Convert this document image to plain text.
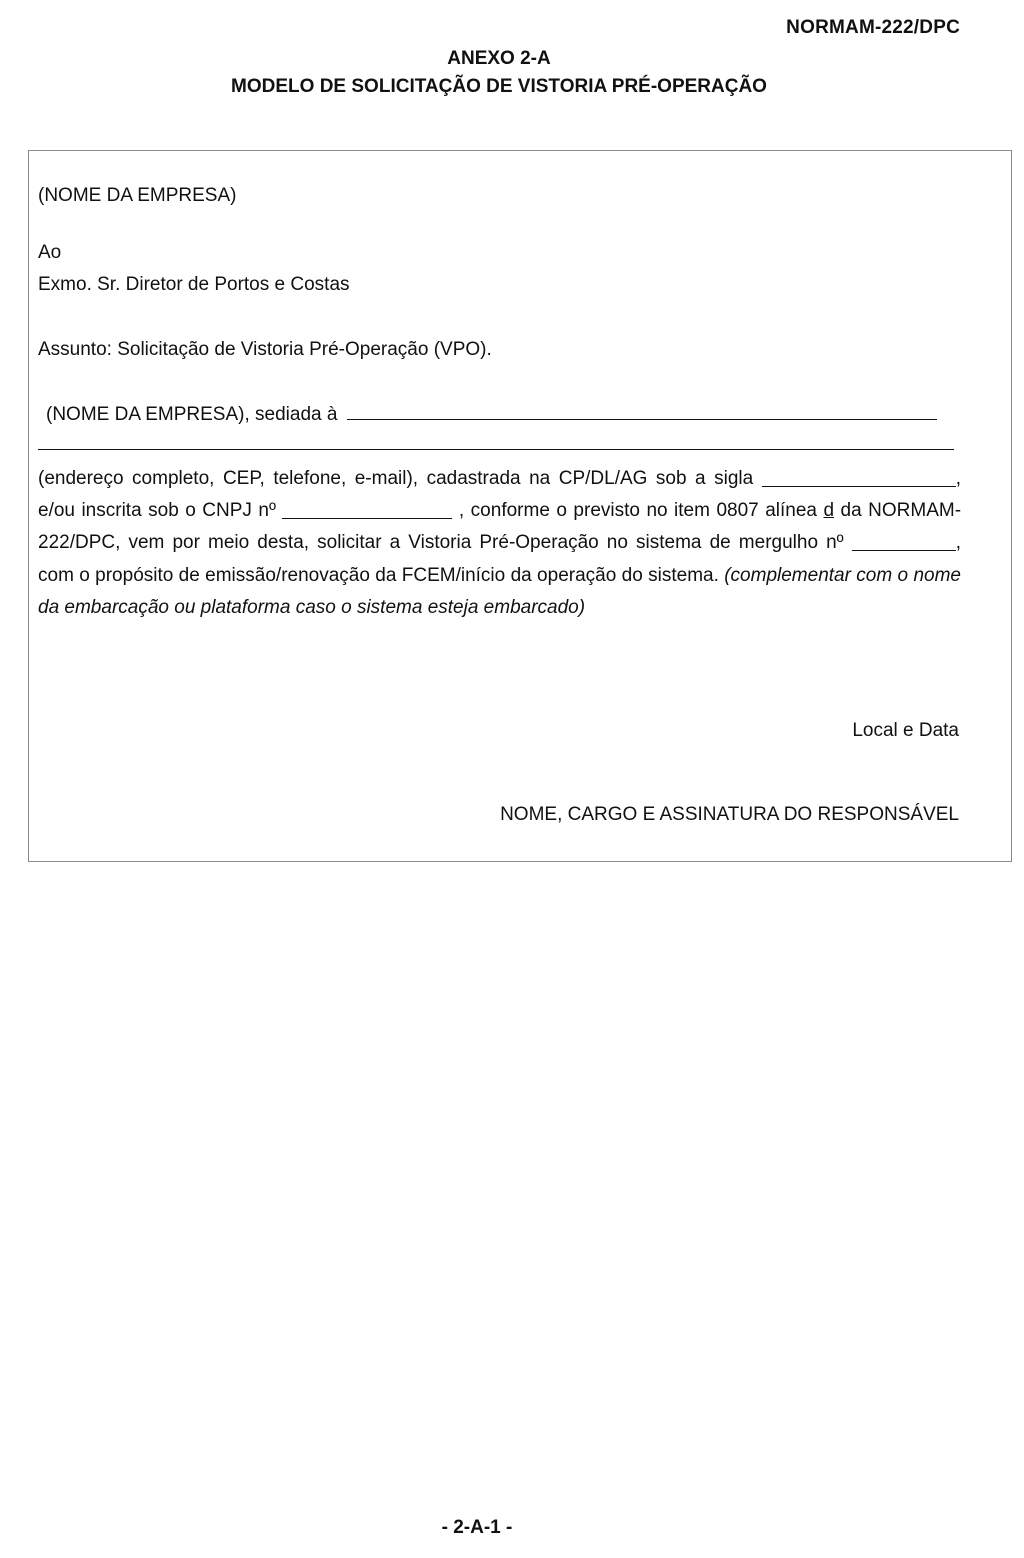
NORMAM-222/DPC
ANEXO 2-A
MODELO DE SOLICITAÇÃO DE VISTORIA PRÉ-OPERAÇÃO
(NOME DA EMPRESA)
Ao
Exmo. Sr. Diretor de Portos e Costas
Assunto: Solicitação de Vistoria Pré-Operação (VPO).
(NOME DA EMPRESA), sediada à
(endereço completo, CEP, telefone, e-mail), cadastrada na CP/DL/AG sob a sigla	, e/ou inscrita sob o CNPJ nº	, conforme o previsto no item 0807 alínea d da NORMAM-222/DPC, vem por meio desta, solicitar a Vistoria Pré-Operação no sistema de mergulho nº	, com o propósito de emissão/renovação da FCEM/início da operação do sistema. (complementar com o nome da embarcação ou plataforma caso o sistema esteja embarcado)
Local e Data
NOME, CARGO E ASSINATURA DO RESPONSÁVEL
- 2-A-1 -
